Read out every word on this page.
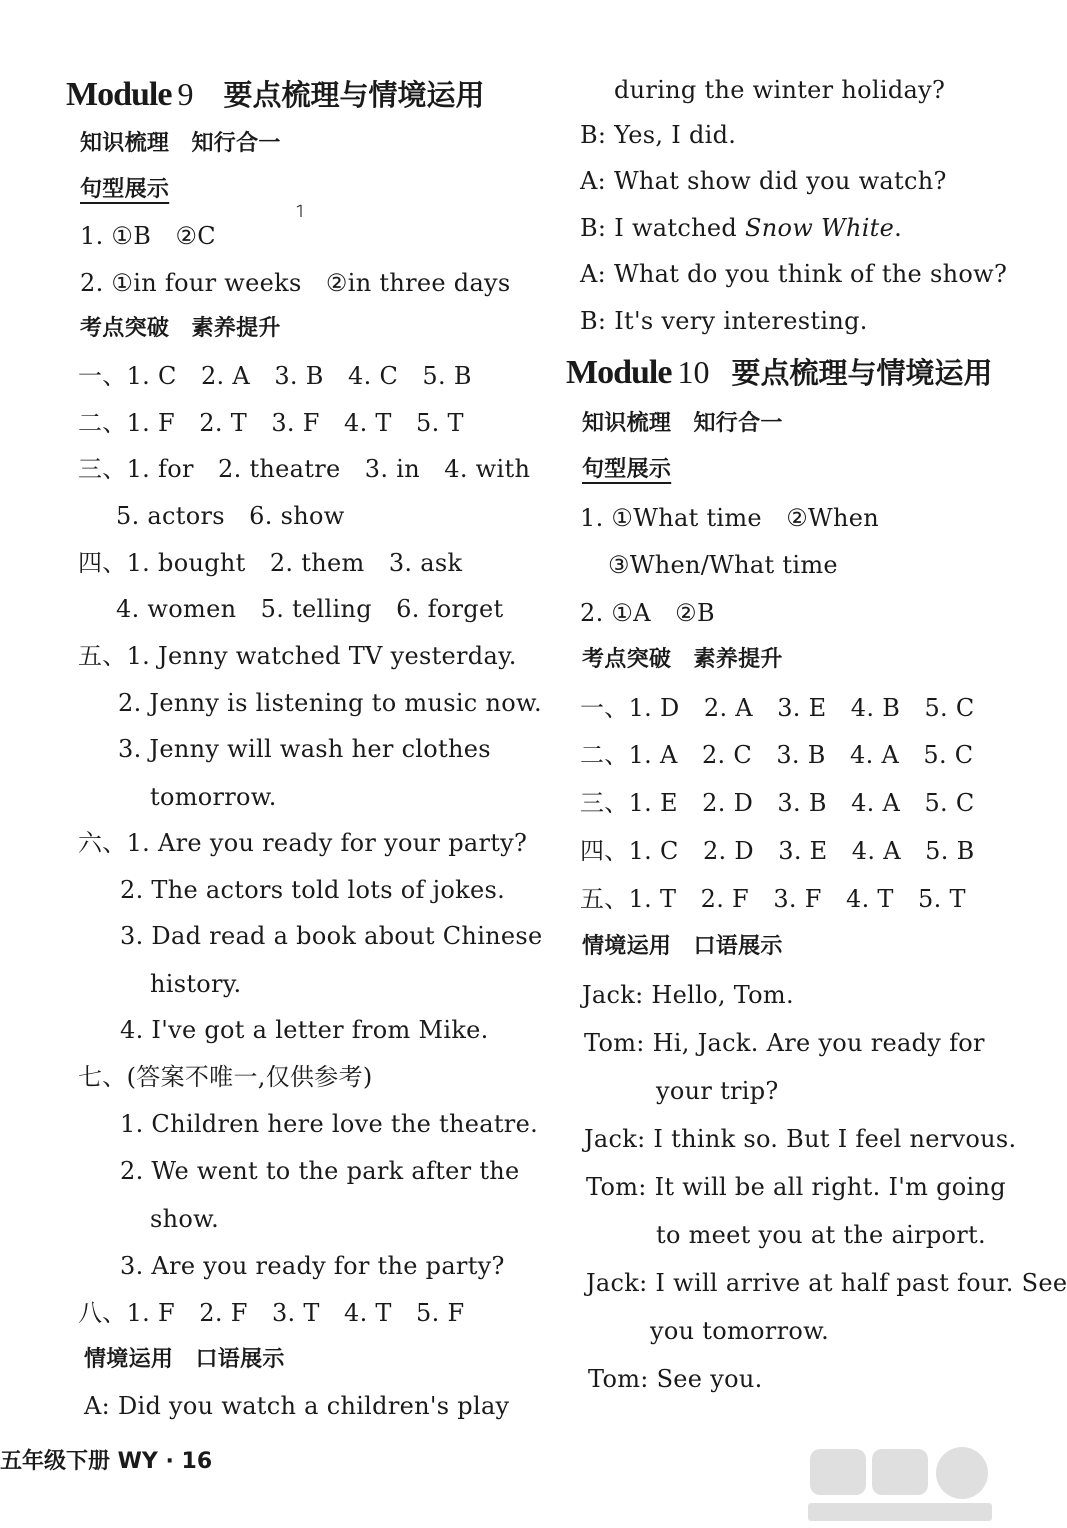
Module 9 要点梳理与情境运用
知识梳理　知行合一
句型展示
1. ①B　②C
2. ①in four weeks　②in three days
考点突破　素养提升
一、1. C　2. A　3. B　4. C　5. B
二、1. F　2. T　3. F　4. T　5. T
三、1. for　2. theatre　3. in　4. with
5. actors　6. show
四、1. bought　2. them　3. ask
4. women　5. telling　6. forget
五、1. Jenny watched TV yesterday.
2. Jenny is listening to music now.
3. Jenny will wash her clothes
tomorrow.
六、1. Are you ready for your party?
2. The actors told lots of jokes.
3. Dad read a book about Chinese
history.
4. I've got a letter from Mike.
七、(答案不唯一,仅供参考)
1. Children here love the theatre.
2. We went to the park after the
show.
3. Are you ready for the party?
八、1. F　2. F　3. T　4. T　5. F
情境运用　口语展示
A: Did you watch a children's play
during the winter holiday?
B: Yes, I did.
A: What show did you watch?
B: I watched Snow White.
A: What do you think of the show?
B: It's very interesting.
Module 10 要点梳理与情境运用
知识梳理　知行合一
句型展示
1. ①What time　②When
③When/What time
2. ①A　②B
考点突破　素养提升
一、1. D　2. A　3. E　4. B　5. C
二、1. A　2. C　3. B　4. A　5. C
三、1. E　2. D　3. B　4. A　5. C
四、1. C　2. D　3. E　4. A　5. B
五、1. T　2. F　3. F　4. T　5. T
情境运用　口语展示
Jack: Hello, Tom.
Tom: Hi, Jack. Are you ready for
your trip?
Jack: I think so. But I feel nervous.
Tom: It will be all right. I'm going
to meet you at the airport.
Jack: I will arrive at half past four. See
you tomorrow.
Tom: See you.
五年级下册 WY · 16
